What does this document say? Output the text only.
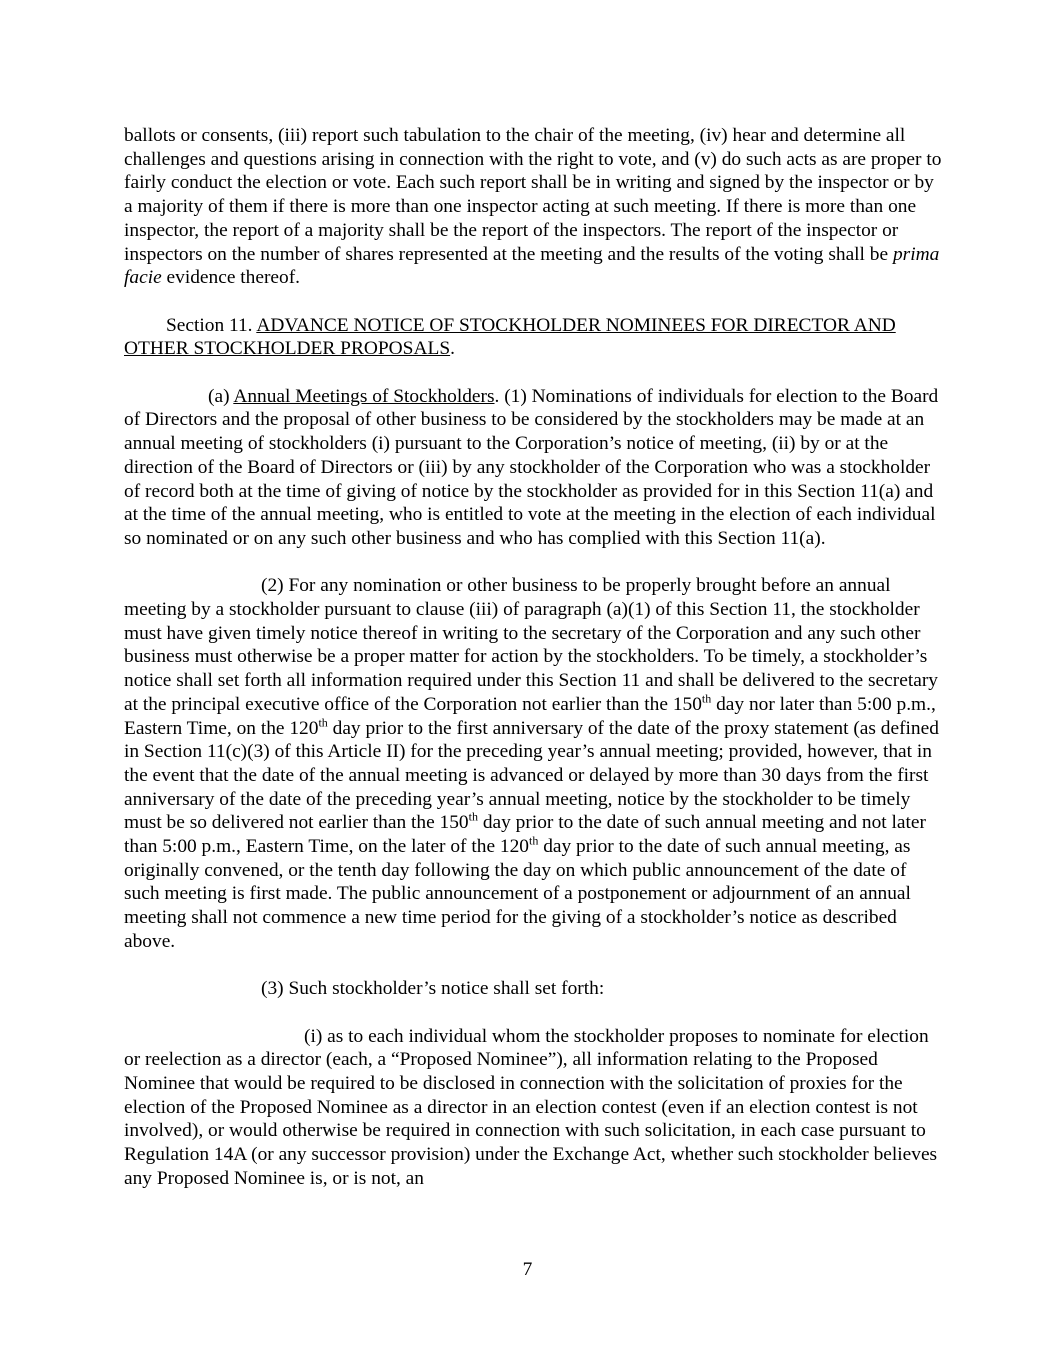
ballots or consents, (iii) report such tabulation to the chair of the meeting, (iv) hear and determine all challenges and questions arising in connection with the right to vote, and (v) do such acts as are proper to fairly conduct the election or vote. Each such report shall be in writing and signed by the inspector or by a majority of them if there is more than one inspector acting at such meeting. If there is more than one inspector, the report of a majority shall be the report of the inspectors. The report of the inspector or inspectors on the number of shares represented at the meeting and the results of the voting shall be prima facie evidence thereof.

Section 11. ADVANCE NOTICE OF STOCKHOLDER NOMINEES FOR DIRECTOR AND OTHER STOCKHOLDER PROPOSALS.

(a) Annual Meetings of Stockholders. (1) Nominations of individuals for election to the Board of Directors and the proposal of other business to be considered by the stockholders may be made at an annual meeting of stockholders (i) pursuant to the Corporation’s notice of meeting, (ii) by or at the direction of the Board of Directors or (iii) by any stockholder of the Corporation who was a stockholder of record both at the time of giving of notice by the stockholder as provided for in this Section 11(a) and at the time of the annual meeting, who is entitled to vote at the meeting in the election of each individual so nominated or on any such other business and who has complied with this Section 11(a).

(2) For any nomination or other business to be properly brought before an annual meeting by a stockholder pursuant to clause (iii) of paragraph (a)(1) of this Section 11, the stockholder must have given timely notice thereof in writing to the secretary of the Corporation and any such other business must otherwise be a proper matter for action by the stockholders. To be timely, a stockholder’s notice shall set forth all information required under this Section 11 and shall be delivered to the secretary at the principal executive office of the Corporation not earlier than the 150th day nor later than 5:00 p.m., Eastern Time, on the 120th day prior to the first anniversary of the date of the proxy statement (as defined in Section 11(c)(3) of this Article II) for the preceding year’s annual meeting; provided, however, that in the event that the date of the annual meeting is advanced or delayed by more than 30 days from the first anniversary of the date of the preceding year’s annual meeting, notice by the stockholder to be timely must be so delivered not earlier than the 150th day prior to the date of such annual meeting and not later than 5:00 p.m., Eastern Time, on the later of the 120th day prior to the date of such annual meeting, as originally convened, or the tenth day following the day on which public announcement of the date of such meeting is first made. The public announcement of a postponement or adjournment of an annual meeting shall not commence a new time period for the giving of a stockholder’s notice as described above.

(3) Such stockholder’s notice shall set forth:

(i) as to each individual whom the stockholder proposes to nominate for election or reelection as a director (each, a “Proposed Nominee”), all information relating to the Proposed Nominee that would be required to be disclosed in connection with the solicitation of proxies for the election of the Proposed Nominee as a director in an election contest (even if an election contest is not involved), or would otherwise be required in connection with such solicitation, in each case pursuant to Regulation 14A (or any successor provision) under the Exchange Act, whether such stockholder believes any Proposed Nominee is, or is not, an

7
